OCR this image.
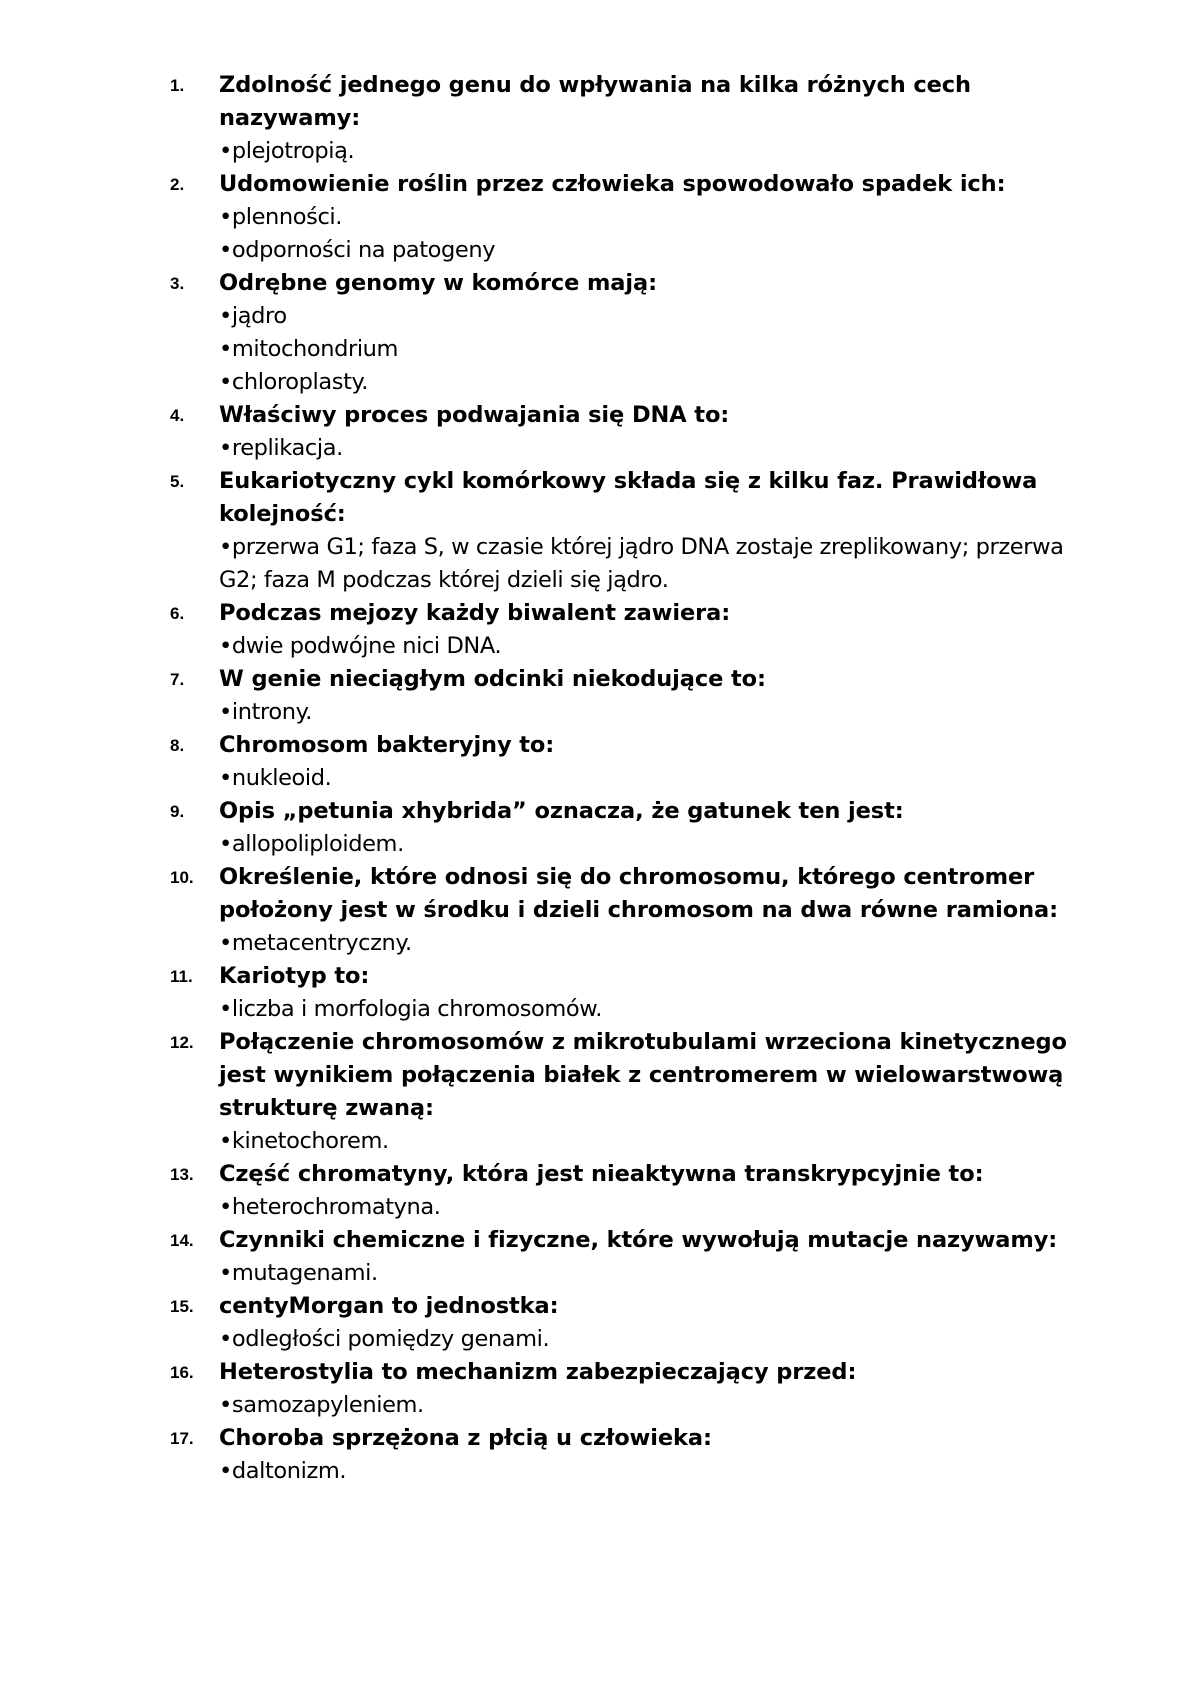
1.	Zdolność jednego genu do wpływania na kilka różnych cech nazywamy:
•plejotropią.
2.	Udomowienie roślin przez człowieka spowodowało spadek ich:
•plenności.
•odporności na patogeny
3.	Odrębne genomy w komórce mają:
•jądro
•mitochondrium
•chloroplasty.
4.	Właściwy proces podwajania się DNA to:
•replikacja.
5.	Eukariotyczny cykl komórkowy składa się z kilku faz. Prawidłowa kolejność:
•przerwa G1; faza S, w czasie której jądro DNA zostaje zreplikowany; przerwa G2; faza M podczas której dzieli się jądro.
6.	Podczas mejozy każdy biwalent zawiera:
•dwie podwójne nici DNA.
7.	W genie nieciągłym odcinki niekodujące to:
•introny.
8.	Chromosom bakteryjny to:
•nukleoid.
9.	Opis „petunia xhybrida” oznacza, że gatunek ten jest:
•allopoliploidem.
10.	Określenie, które odnosi się do chromosomu, którego centromer położony jest w środku i dzieli chromosom na dwa równe ramiona:
•metacentryczny.
11.	Kariotyp to:
•liczba i morfologia chromosomów.
12.	Połączenie chromosomów z mikrotubulami wrzeciona kinetycznego jest wynikiem połączenia białek z centromerem w wielowarstwową strukturę zwaną:
•kinetochorem.
13.	Część chromatyny, która jest nieaktywna transkrypcyjnie to:
•heterochromatyna.
14.	Czynniki chemiczne i fizyczne, które wywołują mutacje nazywamy:
•mutagenami.
15.	centyMorgan to jednostka:
•odległości pomiędzy genami.
16.	Heterostylia to mechanizm zabezpieczający przed:
•samozapyleniem.
17.	Choroba sprzężona z płcią u człowieka:
•daltonizm.
